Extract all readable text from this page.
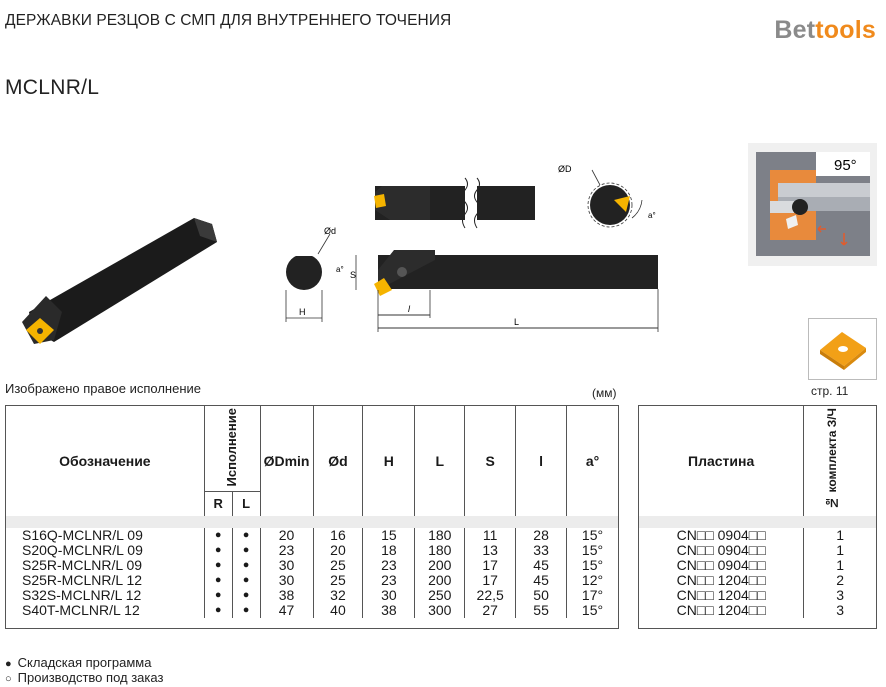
ДЕРЖАВКИ РЕЗЦОВ С СМП ДЛЯ ВНУТРЕННЕГО ТОЧЕНИЯ	Bettools
MCLNR/L
L
l
S
a°
H
Ød
ØD
a°
95°
Изображено правое исполнение	(мм)	стр. 11
Обозначение	Исполнение		ØDmin	Ød	H	L	S	l	a°
	R	L							

S16Q-MCLNR/L 09	●	●	20	16	15	180	11	28	15°
S20Q-MCLNR/L 09	●	●	23	20	18	180	13	33	15°
S25R-MCLNR/L 09	●	●	30	25	23	200	17	45	15°
S25R-MCLNR/L 12	●	●	30	25	23	200	17	45	12°
S32S-MCLNR/L 12	●	●	38	32	30	250	22,5	50	17°
S40T-MCLNR/L 12	●	●	47	40	38	300	27	55	15°

Пластина	№ комплекта З/Ч

CN□□ 0904□□	1
CN□□ 0904□□	1
CN□□ 0904□□	1
CN□□ 1204□□	2
CN□□ 1204□□	3
CN□□ 1204□□	3

● Складская программа
○ Производство под заказ
